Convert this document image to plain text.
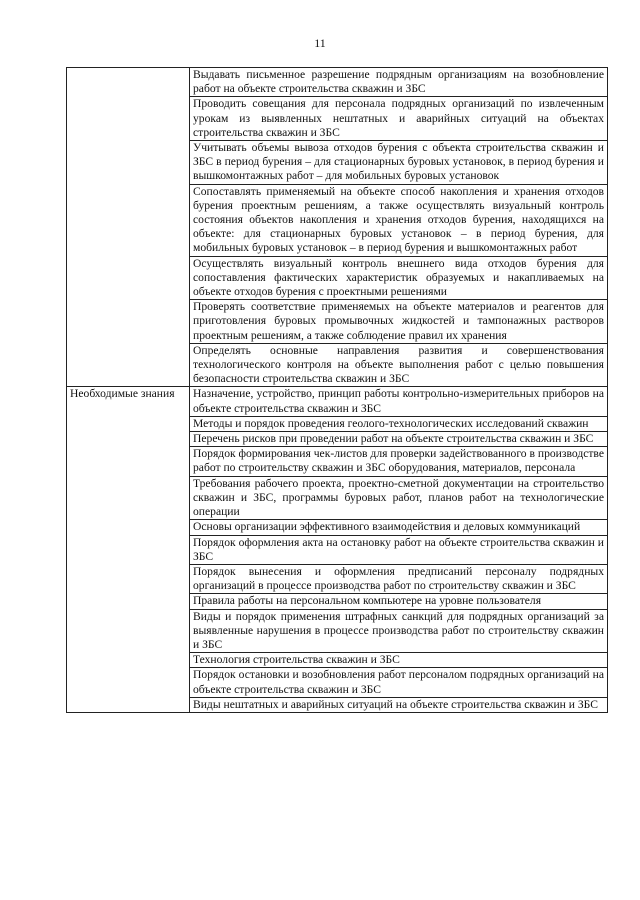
11

	Выдавать письменное разрешение подрядным организациям на возобновление работ на объекте строительства скважин и ЗБС

	Проводить совещания для персонала подрядных организаций по извлеченным урокам из выявленных нештатных и аварийных ситуаций на объектах строительства скважин и ЗБС

	Учитывать объемы вывоза отходов бурения с объекта строительства скважин и ЗБС в период бурения – для стационарных буровых установок, в период бурения и вышкомонтажных работ – для мобильных буровых установок

	Сопоставлять применяемый на объекте способ накопления и хранения отходов бурения проектным решениям, а также осуществлять визуальный контроль состояния объектов накопления и хранения отходов бурения, находящихся на объекте: для стационарных буровых установок – в период бурения, для мобильных буровых установок – в период бурения и вышкомонтажных работ

	Осуществлять визуальный контроль внешнего вида отходов бурения для сопоставления фактических характеристик образуемых и накапливаемых на объекте отходов бурения с проектными решениями

	Проверять соответствие применяемых на объекте материалов и реагентов для приготовления буровых промывочных жидкостей и тампонажных растворов проектным решениям, а также соблюдение правил их хранения

	Определять основные направления развития и совершенствования технологического контроля на объекте выполнения работ с целью повышения безопасности строительства скважин и ЗБС

Необходимые знания	Назначение, устройство, принцип работы контрольно-измерительных приборов на объекте строительства скважин и ЗБС

	Методы и порядок проведения геолого-технологических исследований скважин

	Перечень рисков при проведении работ на объекте строительства скважин и ЗБС

	Порядок формирования чек-листов для проверки задействованного в производстве работ по строительству скважин и ЗБС оборудования, материалов, персонала

	Требования рабочего проекта, проектно-сметной документации на строительство скважин и ЗБС, программы буровых работ, планов работ на технологические операции

	Основы организации эффективного взаимодействия и деловых коммуникаций

	Порядок оформления акта на остановку работ на объекте строительства скважин и ЗБС

	Порядок вынесения и оформления предписаний персоналу подрядных организаций в процессе производства работ по строительству скважин и ЗБС

	Правила работы на персональном компьютере на уровне пользователя

	Виды и порядок применения штрафных санкций для подрядных организаций за выявленные нарушения в процессе производства работ по строительству скважин и ЗБС

	Технология строительства скважин и ЗБС

	Порядок остановки и возобновления работ персоналом подрядных организаций на объекте строительства скважин и ЗБС

	Виды нештатных и аварийных ситуаций на объекте строительства скважин и ЗБС
